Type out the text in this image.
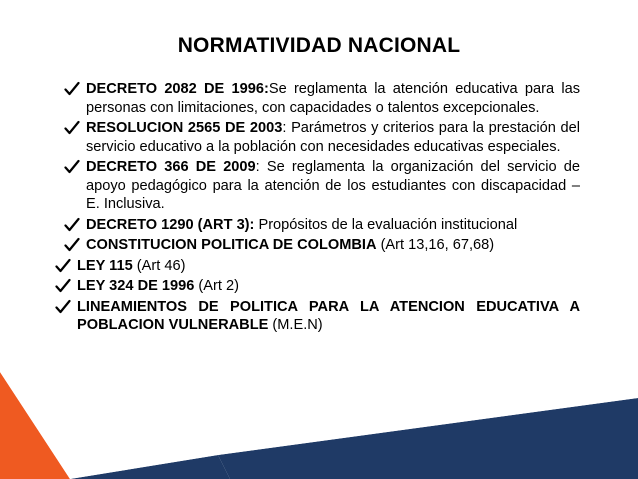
NORMATIVIDAD NACIONAL
DECRETO 2082 DE 1996:Se reglamenta la atención educativa para las personas con limitaciones, con capacidades o talentos excepcionales.
RESOLUCION 2565 DE 2003: Parámetros y criterios para la prestación del servicio educativo a la población con necesidades educativas especiales.
DECRETO 366 DE 2009: Se reglamenta la organización del servicio de apoyo pedagógico para la atención de los estudiantes con discapacidad – E. Inclusiva.
DECRETO 1290 (ART 3): Propósitos de la evaluación institucional
CONSTITUCION POLITICA DE COLOMBIA (Art 13,16, 67,68)
LEY 115 (Art 46)
LEY 324 DE 1996 (Art 2)
LINEAMIENTOS DE POLITICA PARA LA ATENCION EDUCATIVA A POBLACION VULNERABLE (M.E.N)
